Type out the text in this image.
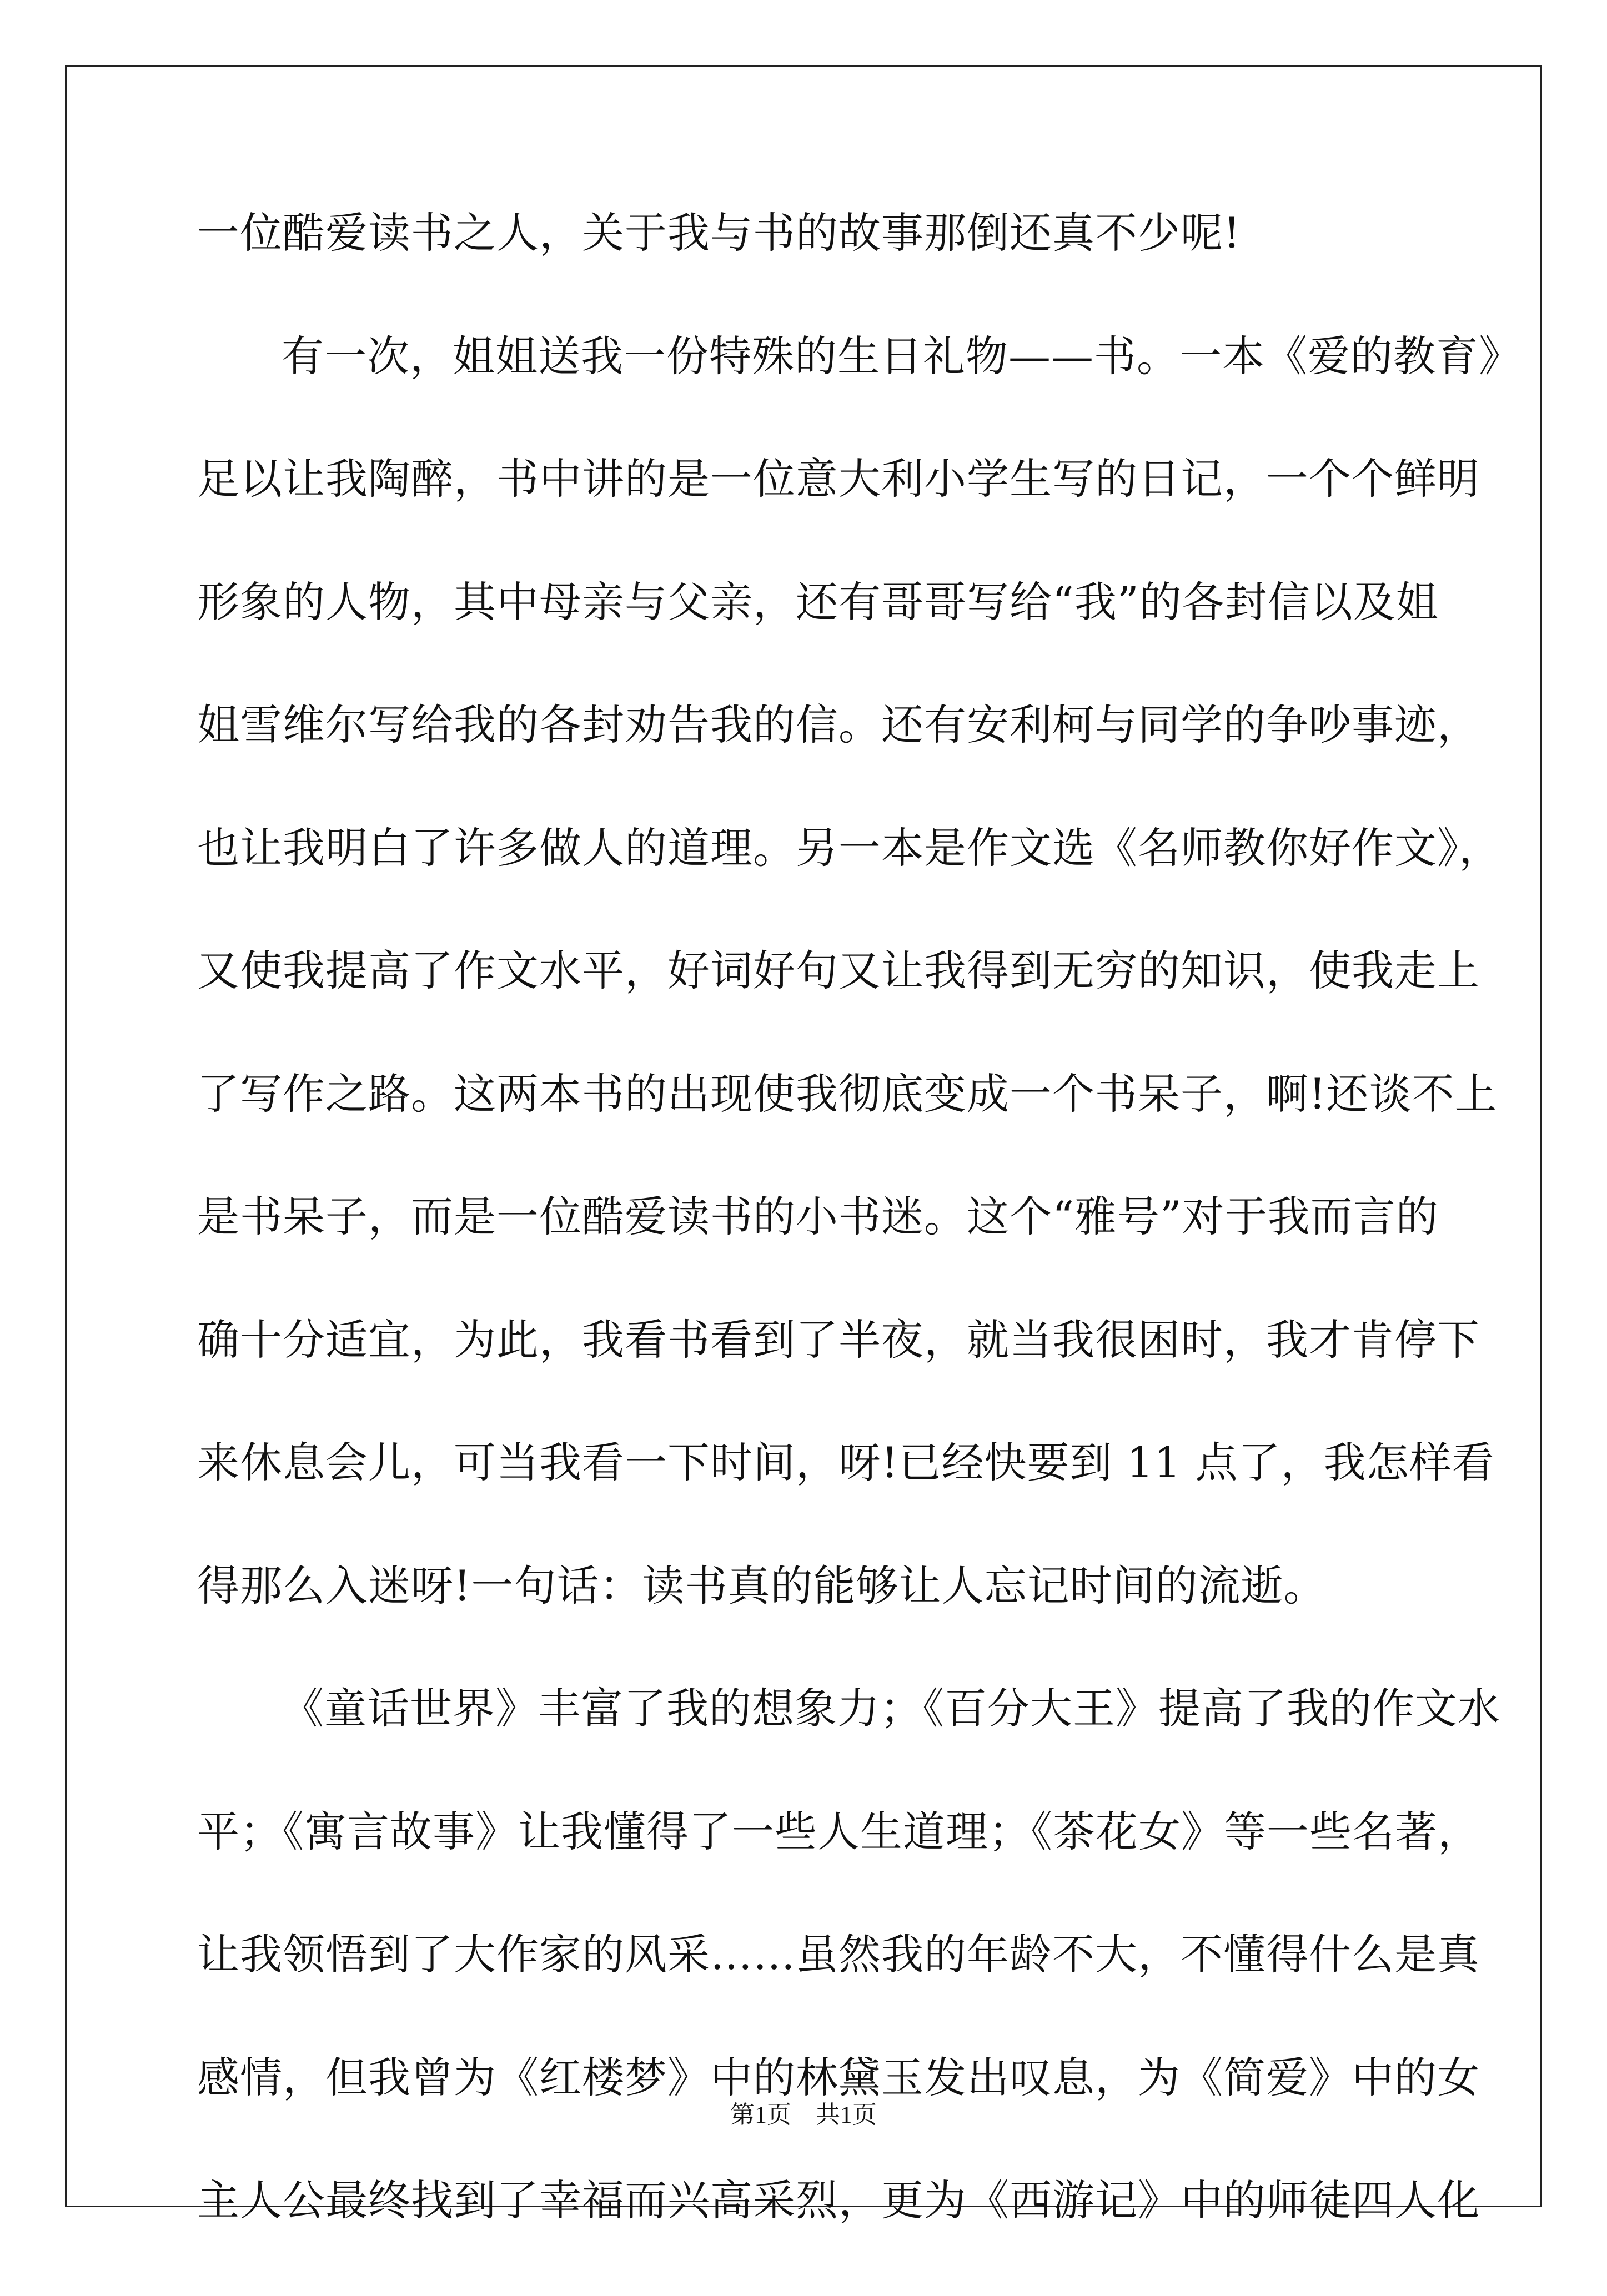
一位酷爱读书之人，关于我与书的故事那倒还真不少呢!
有一次，姐姐送我一份特殊的生日礼物——书。一本《爱的教育》
足以让我陶醉，书中讲的是一位意大利小学生写的日记，一个个鲜明
形象的人物，其中母亲与父亲，还有哥哥写给“我”的各封信以及姐
姐雪维尔写给我的各封劝告我的信。还有安利柯与同学的争吵事迹，
也让我明白了许多做人的道理。另一本是作文选《名师教你好作文》，
又使我提高了作文水平，好词好句又让我得到无穷的知识，使我走上
了写作之路。这两本书的出现使我彻底变成一个书呆子，啊!还谈不上
是书呆子，而是一位酷爱读书的小书迷。这个“雅号”对于我而言的
确十分适宜，为此，我看书看到了半夜，就当我很困时，我才肯停下
来休息会儿，可当我看一下时间，呀!已经快要到 11 点了，我怎样看
得那么入迷呀!一句话：读书真的能够让人忘记时间的流逝。
《童话世界》丰富了我的想象力；《百分大王》提高了我的作文水
平；《寓言故事》让我懂得了一些人生道理；《茶花女》等一些名著，
让我领悟到了大作家的风采……虽然我的年龄不大，不懂得什么是真
感情，但我曾为《红楼梦》中的林黛玉发出叹息，为《简爱》中的女
主人公最终找到了幸福而兴高采烈，更为《西游记》中的师徒四人化
第1页　共1页
